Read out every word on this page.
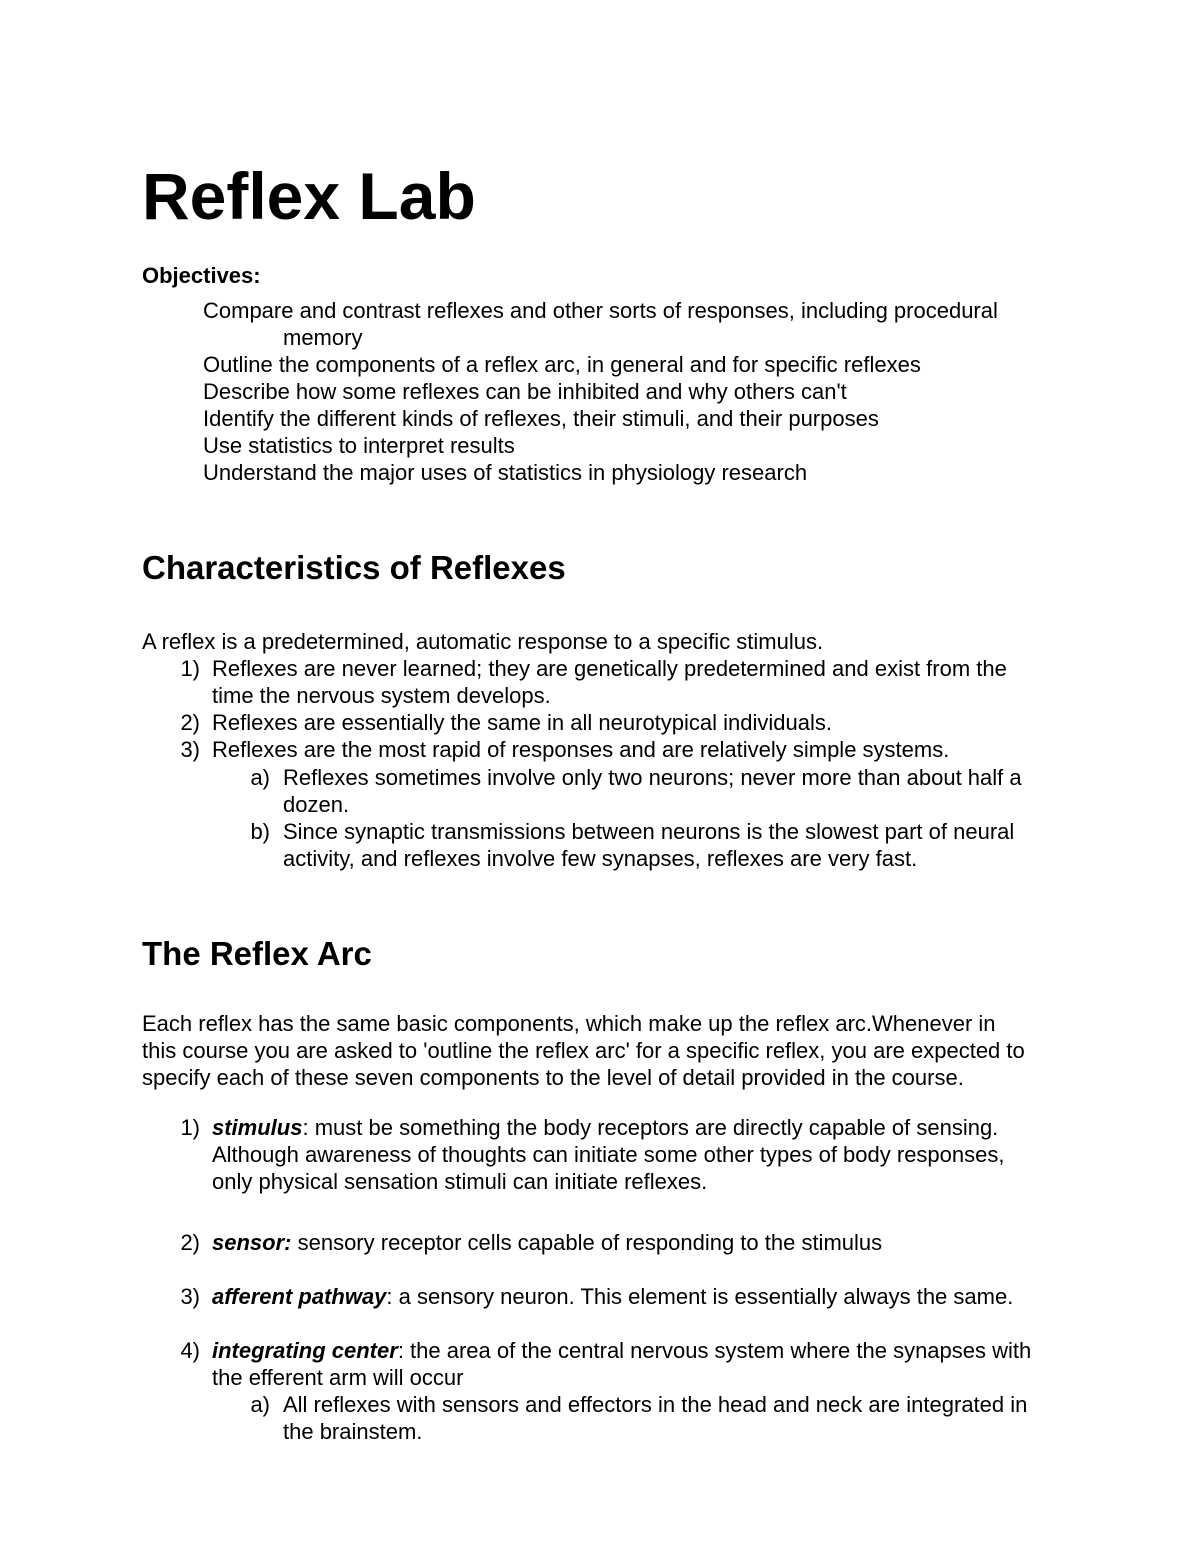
Reflex Lab
Objectives:
Compare and contrast reflexes and other sorts of responses, including procedural
memory
Outline the components of a reflex arc, in general and for specific reflexes
Describe how some reflexes can be inhibited and why others can't
Identify the different kinds of reflexes, their stimuli, and their purposes
Use statistics to interpret results
Understand the major uses of statistics in physiology research
Characteristics of Reflexes
A reflex is a predetermined, automatic response to a specific stimulus.
1) Reflexes are never learned; they are genetically predetermined and exist from the
time the nervous system develops.
2) Reflexes are essentially the same in all neurotypical individuals.
3) Reflexes are the most rapid of responses and are relatively simple systems.
a) Reflexes sometimes involve only two neurons; never more than about half a
dozen.
b) Since synaptic transmissions between neurons is the slowest part of neural
activity, and reflexes involve few synapses, reflexes are very fast.
The Reflex Arc
Each reflex has the same basic components, which make up the reflex arc.Whenever in
this course you are asked to 'outline the reflex arc' for a specific reflex, you are expected to
specify each of these seven components to the level of detail provided in the course.
1) stimulus: must be something the body receptors are directly capable of sensing.
Although awareness of thoughts can initiate some other types of body responses,
only physical sensation stimuli can initiate reflexes.
2) sensor: sensory receptor cells capable of responding to the stimulus
3) afferent pathway: a sensory neuron. This element is essentially always the same.
4) integrating center: the area of the central nervous system where the synapses with
the efferent arm will occur
a) All reflexes with sensors and effectors in the head and neck are integrated in
the brainstem.
